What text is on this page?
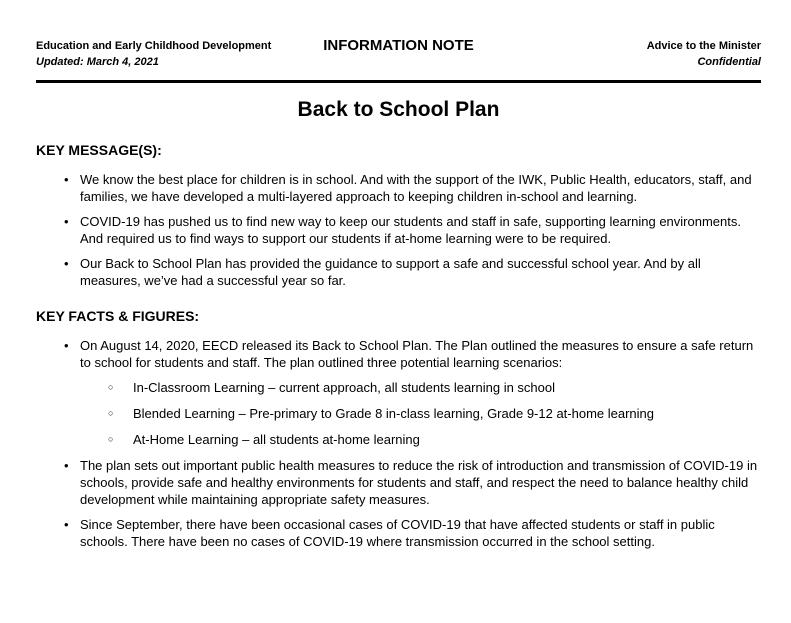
Education and Early Childhood Development
Updated: March 4, 2021
Advice to the Minister
Confidential
INFORMATION NOTE
Back to School Plan
KEY MESSAGE(S):
• We know the best place for children is in school. And with the support of the IWK, Public Health, educators, staff, and families, we have developed a multi-layered approach to keeping children in-school and learning.
• COVID-19 has pushed us to find new way to keep our students and staff in safe, supporting learning environments. And required us to find ways to support our students if at-home learning were to be required.
• Our Back to School Plan has provided the guidance to support a safe and successful school year. And by all measures, we’ve had a successful year so far.
KEY FACTS & FIGURES:
• On August 14, 2020, EECD released its Back to School Plan. The Plan outlined the measures to ensure a safe return to school for students and staff. The plan outlined three potential learning scenarios:
○	In-Classroom Learning – current approach, all students learning in school
○	Blended Learning – Pre-primary to Grade 8 in-class learning, Grade 9-12 at-home learning
○	At-Home Learning – all students at-home learning
• The plan sets out important public health measures to reduce the risk of introduction and transmission of COVID-19 in schools, provide safe and healthy environments for students and staff, and respect the need to balance healthy child development while maintaining appropriate safety measures.
• Since September, there have been occasional cases of COVID-19 that have affected students or staff in public schools. There have been no cases of COVID-19 where transmission occurred in the school setting.
